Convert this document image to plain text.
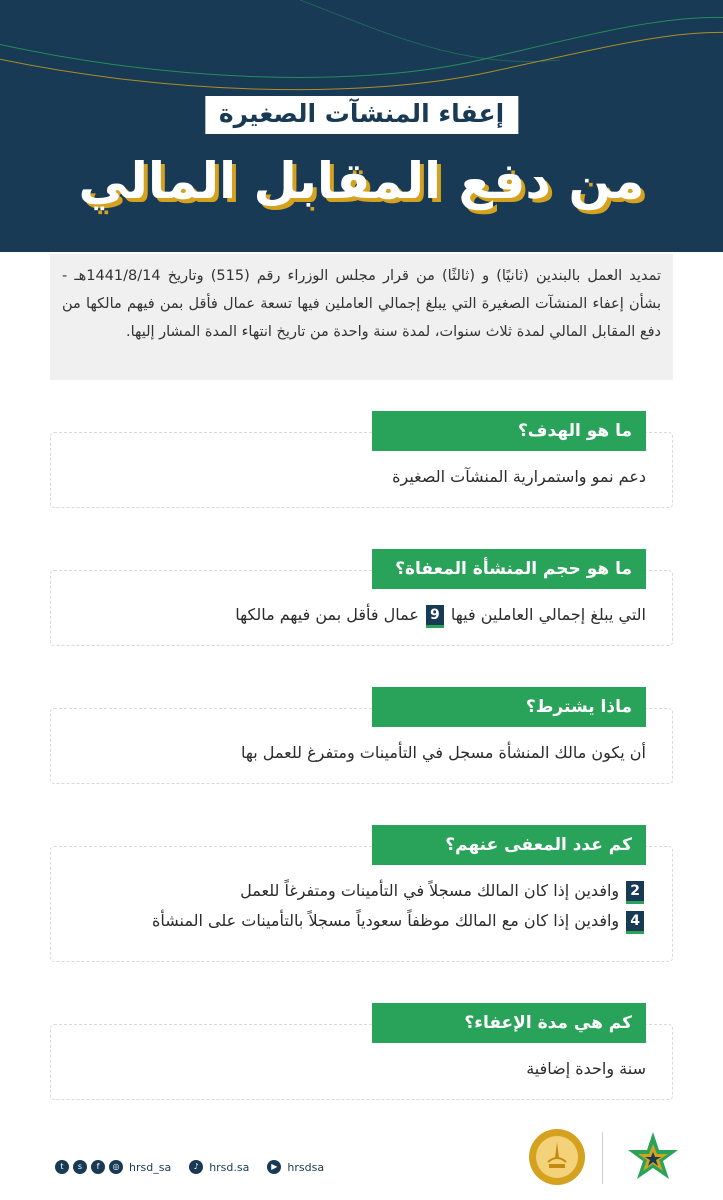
إعفاء المنشآت الصغيرة
من دفع المقابل المالي
تمديد العمل بالبندين (ثانيًا) و (ثالثًا) من قرار مجلس الوزراء رقم (515) وتاريخ 1441/8/14هـ - بشأن إعفاء المنشآت الصغيرة التي يبلغ إجمالي العاملين فيها تسعة عمال فأقل بمن فيهم مالكها من دفع المقابل المالي لمدة ثلاث سنوات، لمدة سنة واحدة من تاريخ انتهاء المدة المشار إليها.
ما هو الهدف؟
دعم نمو واستمرارية المنشآت الصغيرة
ما هو حجم المنشأة المعفاة؟
التي يبلغ إجمالي العاملين فيها 9 عمال فأقل بمن فيهم مالكها
ماذا يشترط؟
أن يكون مالك المنشأة مسجل في التأمينات ومتفرغ للعمل بها
كم عدد المعفى عنهم؟
2 وافدين إذا كان المالك مسجلاً في التأمينات ومتفرغاً للعمل
4 وافدين إذا كان مع المالك موظفاً سعودياً مسجلاً بالتأمينات على المنشأة
كم هي مدة الإعفاء؟
سنة واحدة إضافية
t	s	f	◎ hrsd_sa	♪ hrsd.sa	▶ hrsdsa
